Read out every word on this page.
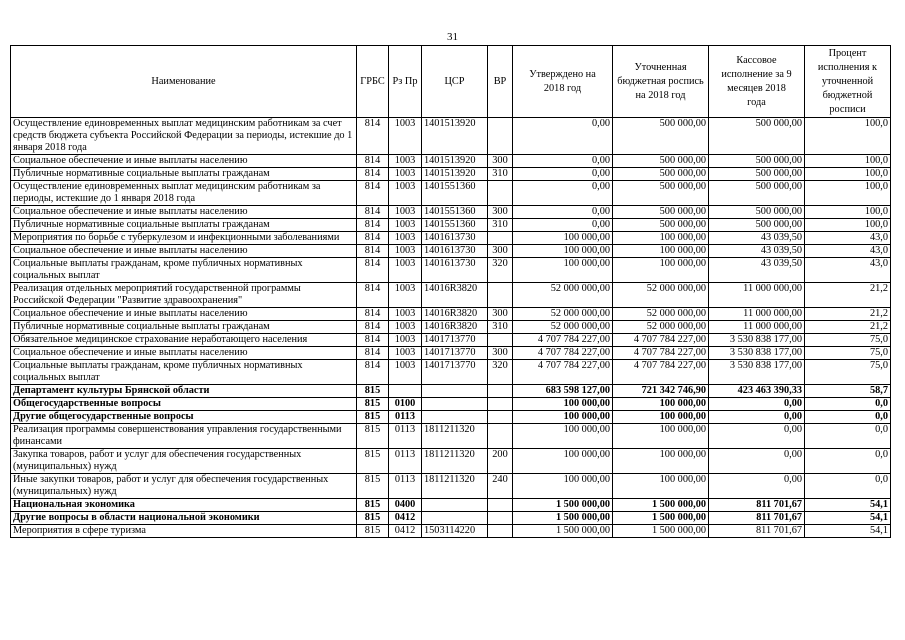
31
Наименование	ГРБС	Рз Пр	ЦСР	ВР	Утверждено на 2018 год	Уточненная бюджетная роспись на 2018 год	Кассовое исполнение за 9 месяцев 2018 года	Процент исполнения к уточненной бюджетной росписи
Осуществление единовременных выплат медицинским работникам за счет средств бюджета субъекта Российской Федерации за периоды, истекшие до 1 января 2018 года	814	1003	1401513920		0,00	500 000,00	500 000,00	100,0
Социальное обеспечение и иные выплаты населению	814	1003	1401513920	300	0,00	500 000,00	500 000,00	100,0
Публичные нормативные социальные выплаты гражданам	814	1003	1401513920	310	0,00	500 000,00	500 000,00	100,0
Осуществление единовременных выплат медицинским работникам за периоды, истекшие до 1 января 2018 года	814	1003	1401551360		0,00	500 000,00	500 000,00	100,0
Социальное обеспечение и иные выплаты населению	814	1003	1401551360	300	0,00	500 000,00	500 000,00	100,0
Публичные нормативные социальные выплаты гражданам	814	1003	1401551360	310	0,00	500 000,00	500 000,00	100,0
Мероприятия по борьбе с туберкулезом и инфекционными заболеваниями	814	1003	1401613730		100 000,00	100 000,00	43 039,50	43,0
Социальное обеспечение и иные выплаты населению	814	1003	1401613730	300	100 000,00	100 000,00	43 039,50	43,0
Социальные выплаты гражданам, кроме публичных нормативных социальных выплат	814	1003	1401613730	320	100 000,00	100 000,00	43 039,50	43,0
Реализация отдельных мероприятий государственной программы Российской Федерации "Развитие здравоохранения"	814	1003	14016R3820		52 000 000,00	52 000 000,00	11 000 000,00	21,2
Социальное обеспечение и иные выплаты населению	814	1003	14016R3820	300	52 000 000,00	52 000 000,00	11 000 000,00	21,2
Публичные нормативные социальные выплаты гражданам	814	1003	14016R3820	310	52 000 000,00	52 000 000,00	11 000 000,00	21,2
Обязательное медицинское страхование неработающего населения	814	1003	1401713770		4 707 784 227,00	4 707 784 227,00	3 530 838 177,00	75,0
Социальное обеспечение и иные выплаты населению	814	1003	1401713770	300	4 707 784 227,00	4 707 784 227,00	3 530 838 177,00	75,0
Социальные выплаты гражданам, кроме публичных нормативных социальных выплат	814	1003	1401713770	320	4 707 784 227,00	4 707 784 227,00	3 530 838 177,00	75,0
Департамент культуры Брянской области	815				683 598 127,00	721 342 746,90	423 463 390,33	58,7
Общегосударственные вопросы	815	0100			100 000,00	100 000,00	0,00	0,0
Другие общегосударственные вопросы	815	0113			100 000,00	100 000,00	0,00	0,0
Реализация программы совершенствования управления государственными финансами	815	0113	1811211320		100 000,00	100 000,00	0,00	0,0
Закупка товаров, работ и услуг для обеспечения государственных (муниципальных) нужд	815	0113	1811211320	200	100 000,00	100 000,00	0,00	0,0
Иные закупки товаров, работ и услуг для обеспечения государственных (муниципальных) нужд	815	0113	1811211320	240	100 000,00	100 000,00	0,00	0,0
Национальная экономика	815	0400			1 500 000,00	1 500 000,00	811 701,67	54,1
Другие вопросы в области национальной экономики	815	0412			1 500 000,00	1 500 000,00	811 701,67	54,1
Мероприятия в сфере туризма	815	0412	1503114220		1 500 000,00	1 500 000,00	811 701,67	54,1
